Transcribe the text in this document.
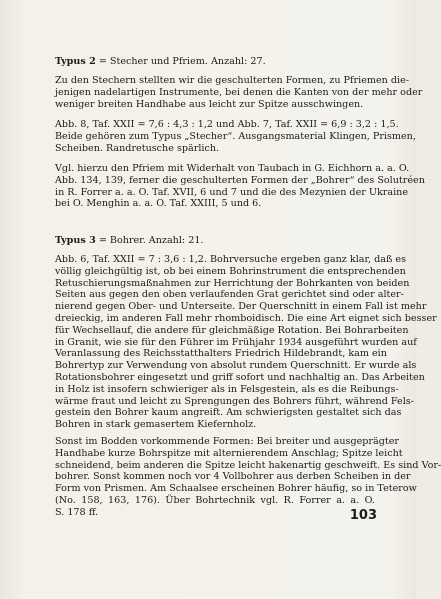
Typus 2 = Stecher und Pfriem. Anzahl: 27.
Zu den Stechern stellten wir die geschulterten Formen, zu Pfriemen die-
jenigen nadelartigen Instrumente, bei denen die Kanten von der mehr oder
weniger breiten Handhabe aus leicht zur Spitze ausschwingen.
Abb. 8, Taf. XXII = 7,6 : 4,3 : 1,2 und Abb. 7, Taf. XXII = 6,9 : 3,2 : 1,5.
Beide gehören zum Typus „Stecher“. Ausgangsmaterial Klingen, Prismen,
Scheiben. Randretusche spärlich.
Vgl. hierzu den Pfriem mit Widerhalt von Taubach in G. Eichhorn a. a. O.
Abb. 134, 139, ferner die geschulterten Formen der „Bohrer“ des Solutréen
in R. Forrer a. a. O. Taf. XVII, 6 und 7 und die des Mezynien der Ukraine
bei O. Menghin a. a. O. Taf. XXIII, 5 und 6.
Typus 3 = Bohrer. Anzahl: 21.
Abb. 6, Taf. XXII = 7 : 3,6 : 1,2. Bohrversuche ergeben ganz klar, daß es
völlig gleichgültig ist, ob bei einem Bohrinstrument die entsprechenden
Retuschierungsmaßnahmen zur Herrichtung der Bohrkanten von beiden
Seiten aus gegen den oben verlaufenden Grat gerichtet sind oder alter-
nierend gegen Ober- und Unterseite. Der Querschnitt in einem Fall ist mehr
dreieckig, im anderen Fall mehr rhomboidisch. Die eine Art eignet sich besser
für Wechsellauf, die andere für gleichmäßige Rotation. Bei Bohrarbeiten
in Granit, wie sie für den Führer im Frühjahr 1934 ausgeführt wurden auf
Veranlassung des Reichsstatthalters Friedrich Hildebrandt, kam ein
Bohrertyp zur Verwendung von absolut rundem Querschnitt. Er wurde als
Rotationsbohrer eingesetzt und griff sofort und nachhaltig an. Das Arbeiten
in Holz ist insofern schwieriger als in Felsgestein, als es die Reibungs-
wärme fraut und leicht zu Sprengungen des Bohrers führt, während Fels-
gestein den Bohrer kaum angreift. Am schwierigsten gestaltet sich das
Bohren in stark gemasertem Kiefernholz.
Sonst im Bodden vorkommende Formen: Bei breiter und ausgeprägter
Handhabe kurze Bohrspitze mit alternierendem Anschlag; Spitze leicht
schneidend, beim anderen die Spitze leicht hakenartig geschweift. Es sind Vor-
bohrer. Sonst kommen noch vor 4 Vollbohrer aus derben Scheiben in der
Form von Prismen. Am Schaalsee erscheinen Bohrer häufig, so in Teterow
(No. 158, 163, 176). Über Bohrtechnik vgl. R. Forrer a. a. O.
S. 178 ff.	103
